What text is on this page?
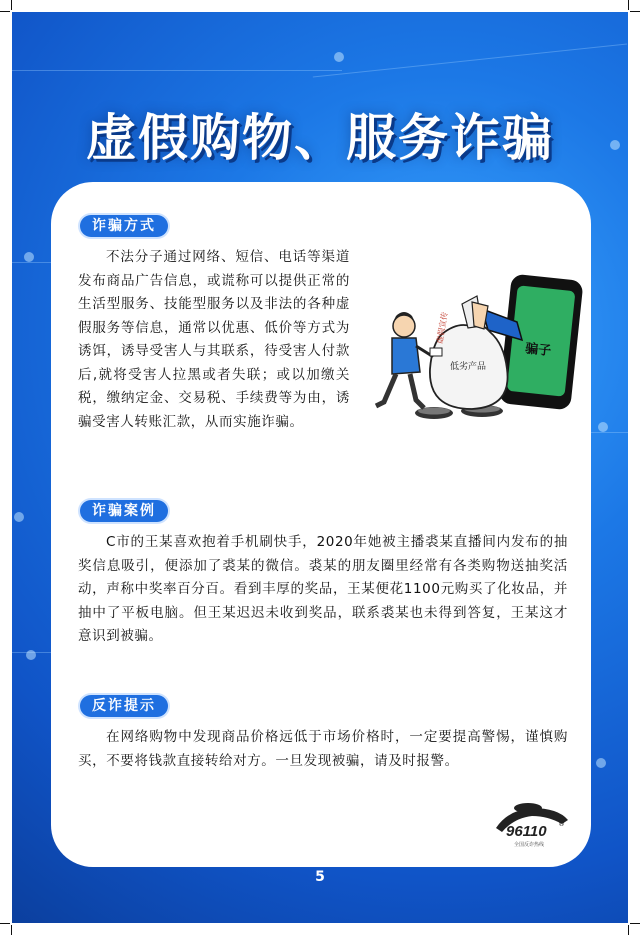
虚假购物、服务诈骗
诈骗方式

不法分子通过网络、短信、电话等渠道发布商品广告信息，或谎称可以提供正常的生活型服务、技能型服务以及非法的各种虚假服务等信息，通常以优惠、低价等方式为诱饵，诱导受害人与其联系，待受害人付款后,就将受害人拉黑或者失联；或以加缴关税，缴纳定金、交易税、手续费等为由，诱骗受害人转账汇款，从而实施诈骗。

骗子
低劣产品
虚假宣传
诈骗案例

C市的王某喜欢抱着手机刷快手，2020年她被主播裘某直播间内发布的抽奖信息吸引，便添加了裘某的微信。裘某的朋友圈里经常有各类购物送抽奖活动，声称中奖率百分百。看到丰厚的奖品，王某便花1100元购买了化妆品，并抽中了平板电脑。但王某迟迟未收到奖品，联系裘某也未得到答复，王某这才意识到被骗。

反诈提示

在网络购物中发现商品价格远低于市场价格时，一定要提高警惕，谨慎购买，不要将钱款直接转给对方。一旦发现被骗，请及时报警。

96110 ®
全国反诈热线
5
